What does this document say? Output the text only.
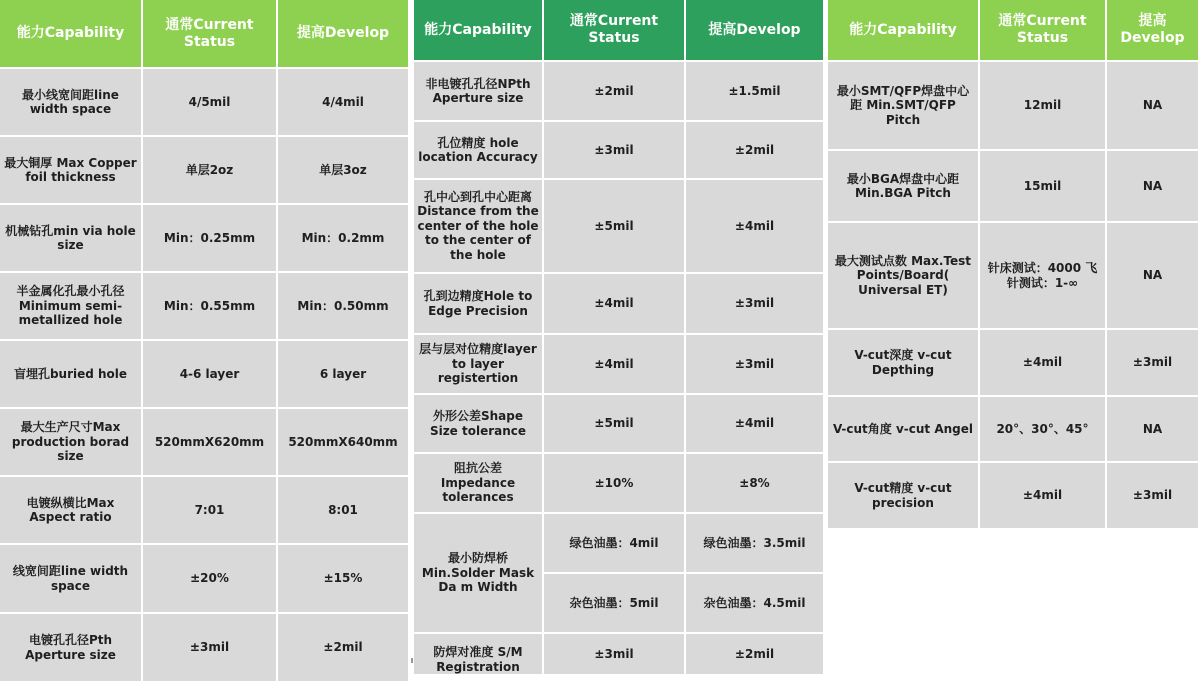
能力Capability	通常Current Status	提高Develop
最小线宽间距line width space	4/5mil	4/4mil
最大铜厚 Max Copper foil thickness	单层2oz	单层3oz
机械钻孔min via hole size	Min：0.25mm	Min：0.2mm
半金属化孔最小孔径 Minimum semi-metallized hole	Min：0.55mm	Min：0.50mm
盲埋孔buried hole	4-6 layer	6 layer
最大生产尺寸Max production borad size	520mmX620mm	520mmX640mm
电镀纵横比Max Aspect ratio	7:01	8:01
线宽间距line width space	±20%	±15%
电镀孔孔径Pth Aperture size	±3mil	±2mil
能力Capability	通常Current Status	提高Develop
非电镀孔孔径NPth Aperture size	±2mil	±1.5mil
孔位精度 hole location Accuracy	±3mil	±2mil
孔中心到孔中心距离 Distance from the center of the hole to the center of the hole	±5mil	±4mil
孔到边精度Hole to Edge Precision	±4mil	±3mil
层与层对位精度layer to layer registertion	±4mil	±3mil
外形公差Shape Size tolerance	±5mil	±4mil
阻抗公差Impedance tolerances	±10%	±8%
最小防焊桥 Min.Solder Mask Da m Width	绿色油墨：4mil	绿色油墨：3.5mil
	杂色油墨：5mil	杂色油墨：4.5mil
防焊对准度 S/M Registration	±3mil	±2mil
能力Capability	通常Current Status	提高Develop
最小SMT/QFP焊盘中心距 Min.SMT/QFP Pitch	12mil	NA
最小BGA焊盘中心距 Min.BGA Pitch	15mil	NA
最大测试点数 Max.Test Points/Board( Universal ET)	针床测试：4000 飞针测试：1-∞	NA
V-cut深度 v-cut Depthing	±4mil	±3mil
V-cut角度 v-cut Angel	20°、30°、45°	NA
V-cut精度 v-cut precision	±4mil	±3mil
